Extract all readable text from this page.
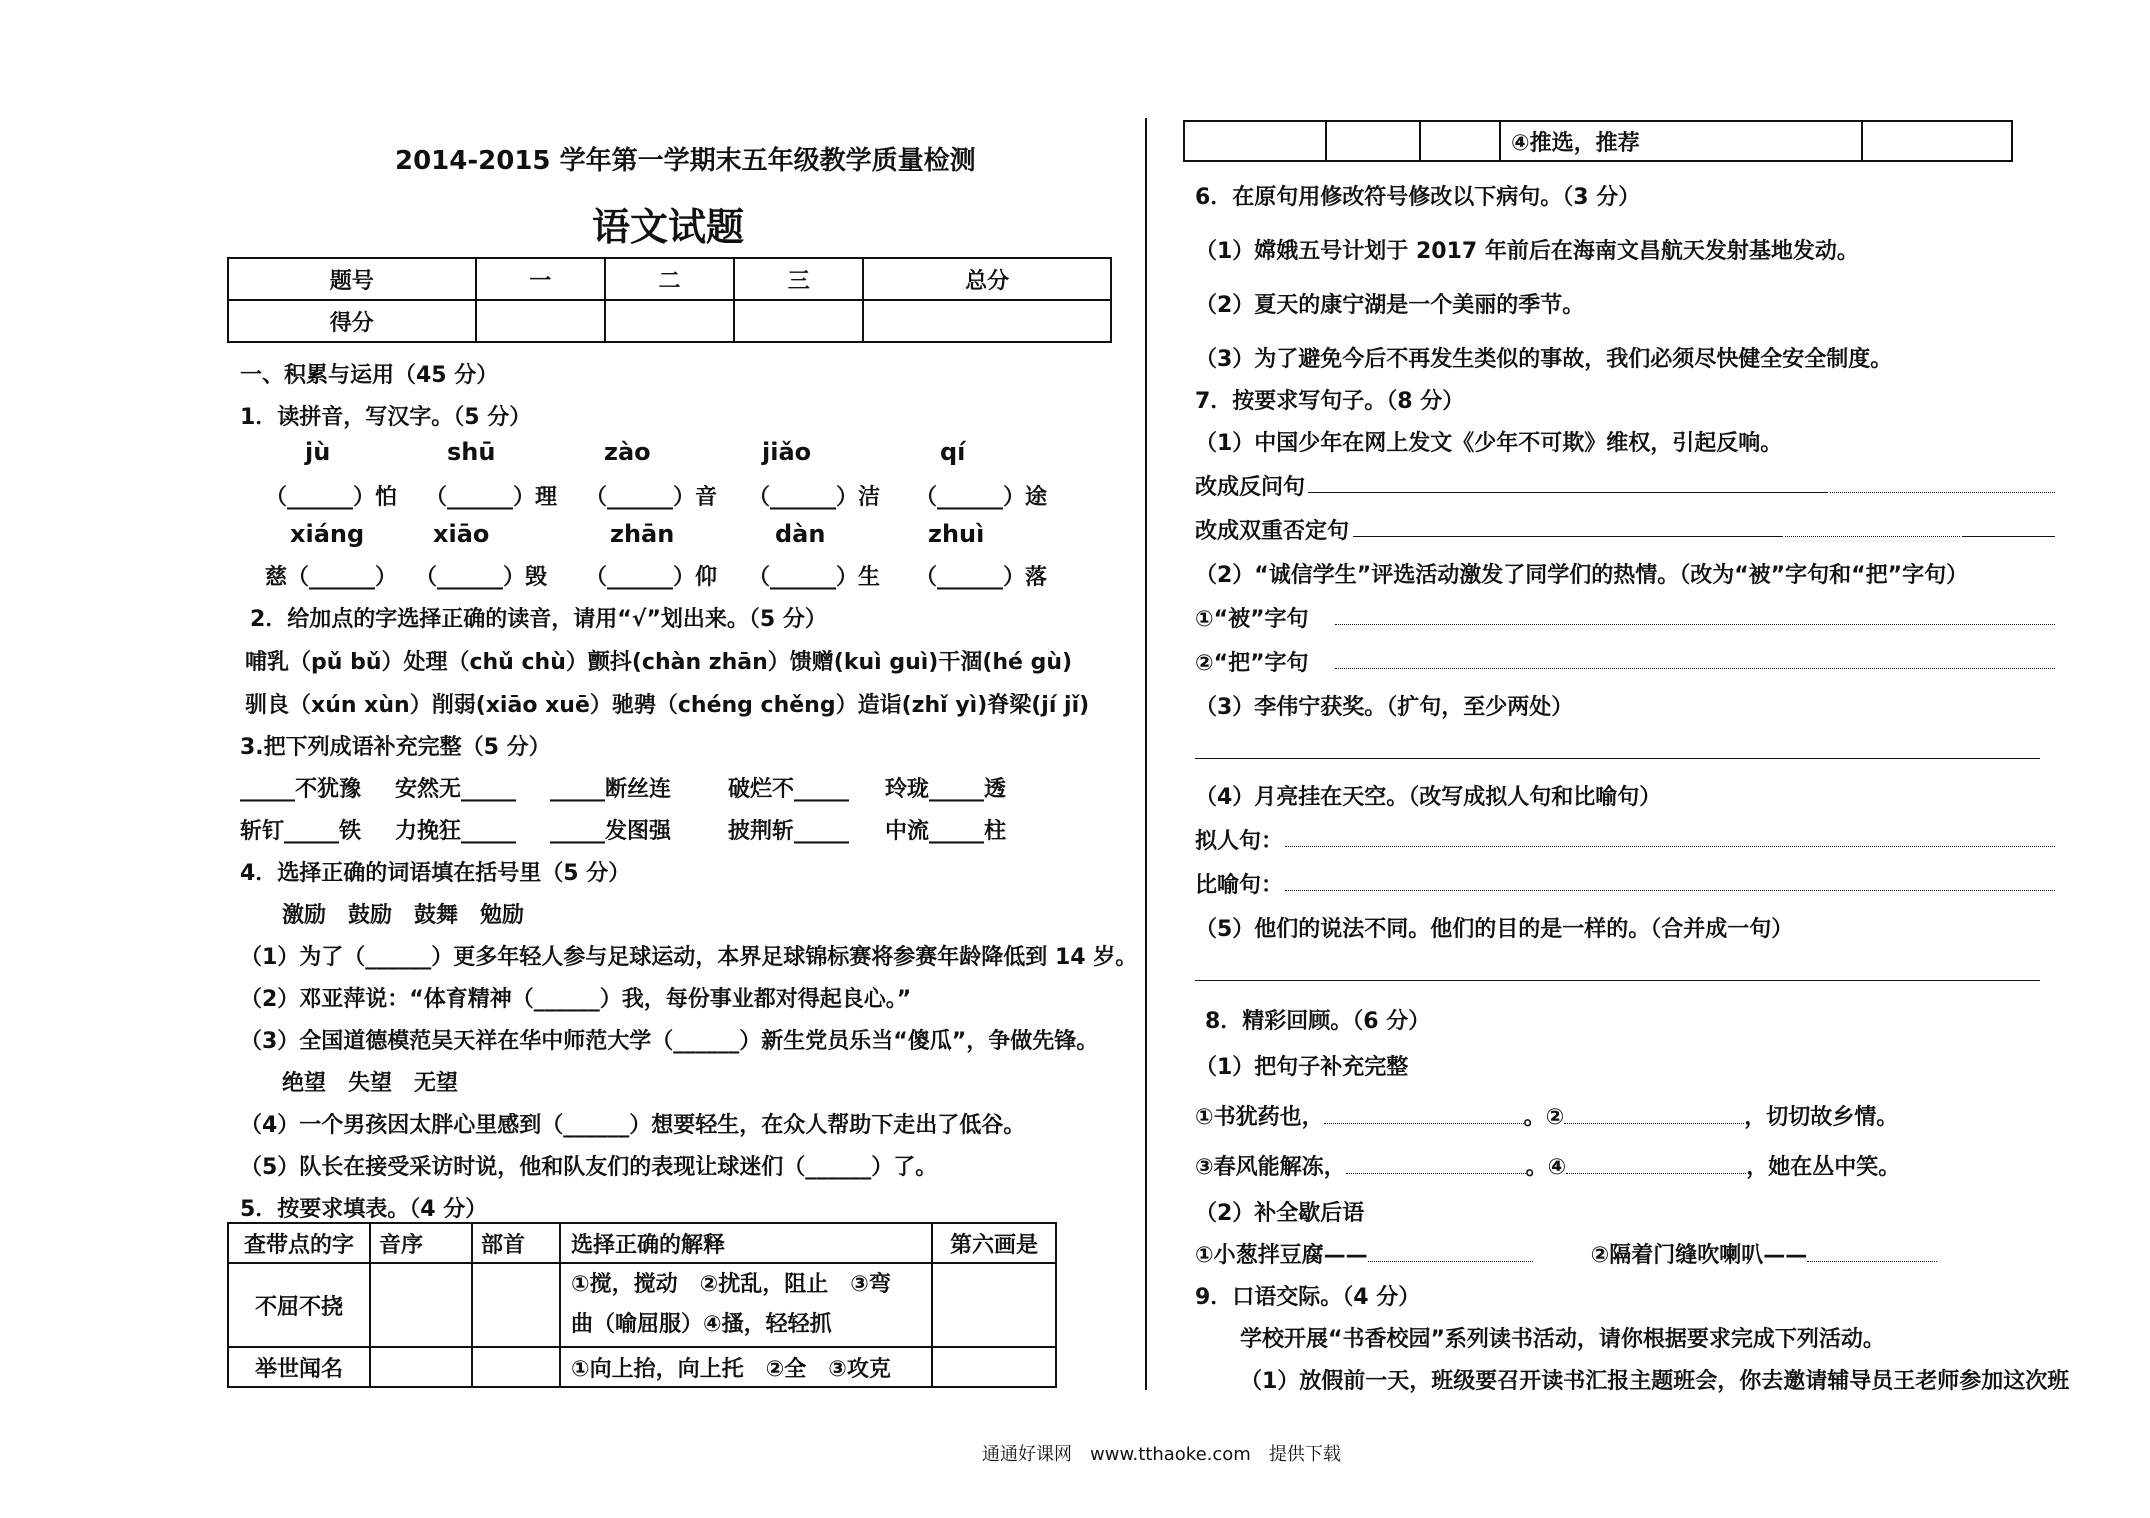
2014-2015 学年第一学期末五年级教学质量检测
语文试题
题号	一	二	三	总分
得分				
一、积累与运用（45 分）
1．读拼音，写汉字。（5 分）
jù	shū	zào	jiǎo	qí
（______）怕 （______）理 （______）音 （______）洁 （______）途
xiáng	xiāo	zhān	dàn	zhuì
慈（______） （______）毁 （______）仰 （______）生 （______）落
2．给加点的字选择正确的读音，请用“√”划出来。（5 分）
哺乳（pǔ bǔ）处理（chǔ chù）颤抖(chàn zhān）馈赠(kuì guì)干涸(hé gù)
驯良（xún xùn）削弱(xiāo xuē）驰骋（chéng chěng）造诣(zhǐ yì)脊梁(jí jǐ)
3.把下列成语补充完整（5 分）
_____不犹豫 安然无_____ _____断丝连	破烂不_____ 玲珑_____透
斩钉_____铁 力挽狂_____ _____发图强	披荆斩_____ 中流_____柱
4．选择正确的词语填在括号里（5 分）
激励　鼓励　鼓舞　勉励
（1）为了（______）更多年轻人参与足球运动，本界足球锦标赛将参赛年龄降低到 14 岁。
（2）邓亚萍说：“体育精神（______）我，每份事业都对得起良心。”
（3）全国道德模范吴天祥在华中师范大学（______）新生党员乐当“傻瓜”，争做先锋。
绝望　失望　无望
（4）一个男孩因太胖心里感到（______）想要轻生，在众人帮助下走出了低谷。
（5）队长在接受采访时说，他和队友们的表现让球迷们（______）了。
5．按要求填表。（4 分）
查带点的字	音序	部首	选择正确的解释	第六画是
不屈不挠			①搅，搅动　②扰乱，阻止　③弯
曲（喻屈服）④搔，轻轻抓	

举世闻名			①向上抬，向上托　②全　③攻克	
			④推选，推荐	
6．在原句用修改符号修改以下病句。（3 分）
（1）嫦娥五号计划于 2017 年前后在海南文昌航天发射基地发动。
（2）夏天的康宁湖是一个美丽的季节。
（3）为了避免今后不再发生类似的事故，我们必须尽快健全安全制度。
7．按要求写句子。（8 分）
（1）中国少年在网上发文《少年不可欺》维权，引起反响。
改成反问句
改成双重否定句
（2）“诚信学生”评选活动激发了同学们的热情。（改为“被”字句和“把”字句）
①“被”字句
②“把”字句
（3）李伟宁获奖。（扩句，至少两处）
（4）月亮挂在天空。（改写成拟人句和比喻句）
拟人句：
比喻句：
（5）他们的说法不同。他们的目的是一样的。（合并成一句）
8．精彩回顾。（6 分）
（1）把句子补充完整
①书犹药也，	。②	，切切故乡情。
③春风能解冻，	。④	，她在丛中笑。
（2）补全歇后语
①小葱拌豆腐——	②隔着门缝吹喇叭——
9．口语交际。（4 分）
学校开展“书香校园”系列读书活动，请你根据要求完成下列活动。
（1）放假前一天，班级要召开读书汇报主题班会，你去邀请辅导员王老师参加这次班
通通好课网　www.tthaoke.com　提供下载
